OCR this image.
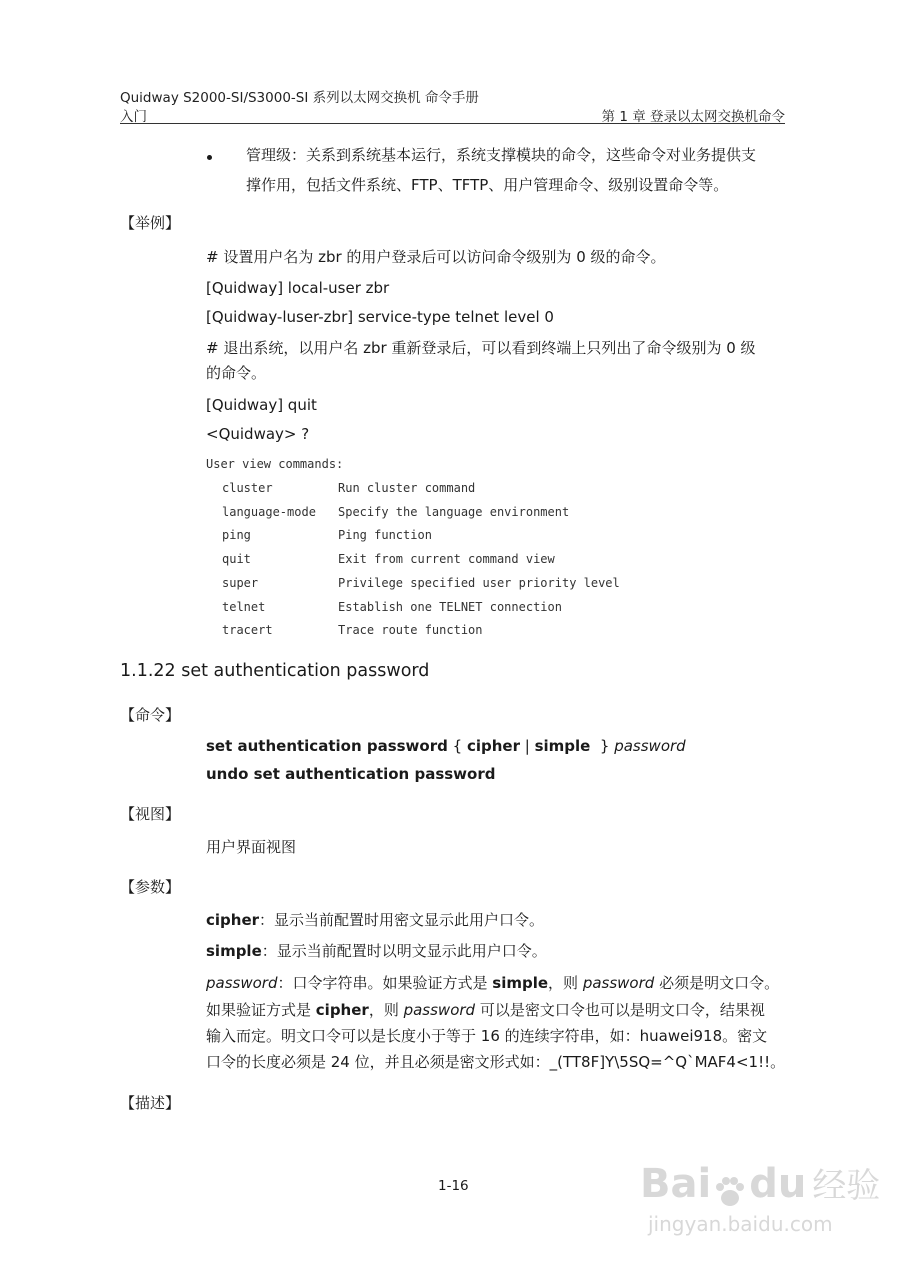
Quidway S2000-SI/S3000-SI 系列以太网交换机 命令手册
入门	第 1 章 登录以太网交换机命令
管理级：关系到系统基本运行，系统支撑模块的命令，这些命令对业务提供支
撑作用，包括文件系统、FTP、TFTP、用户管理命令、级别设置命令等。
【举例】
# 设置用户名为 zbr 的用户登录后可以访问命令级别为 0 级的命令。
[Quidway] local-user zbr
[Quidway-luser-zbr] service-type telnet level 0
# 退出系统，以用户名 zbr 重新登录后，可以看到终端上只列出了命令级别为 0 级
的命令。
[Quidway] quit
<Quidway> ?
User view commands:
cluster	Run cluster command
language-mode Specify the language environment
ping	Ping function
quit	Exit from current command view
super	Privilege specified user priority level
telnet	Establish one TELNET connection
tracert	Trace route function
1.1.22 set authentication password
【命令】
set authentication password { cipher | simple  } password
undo set authentication password
【视图】
用户界面视图
【参数】
cipher：显示当前配置时用密文显示此用户口令。
simple：显示当前配置时以明文显示此用户口令。
password：口令字符串。如果验证方式是 simple，则 password 必须是明文口令。
如果验证方式是 cipher，则 password 可以是密文口令也可以是明文口令，结果视
输入而定。明文口令可以是长度小于等于 16 的连续字符串，如：huawei918。密文
口令的长度必须是 24 位，并且必须是密文形式如：_(TT8F]Y\5SQ=^Q`MAF4<1!!。
【描述】
1-16	Bai du 经验
jingyan.baidu.com
